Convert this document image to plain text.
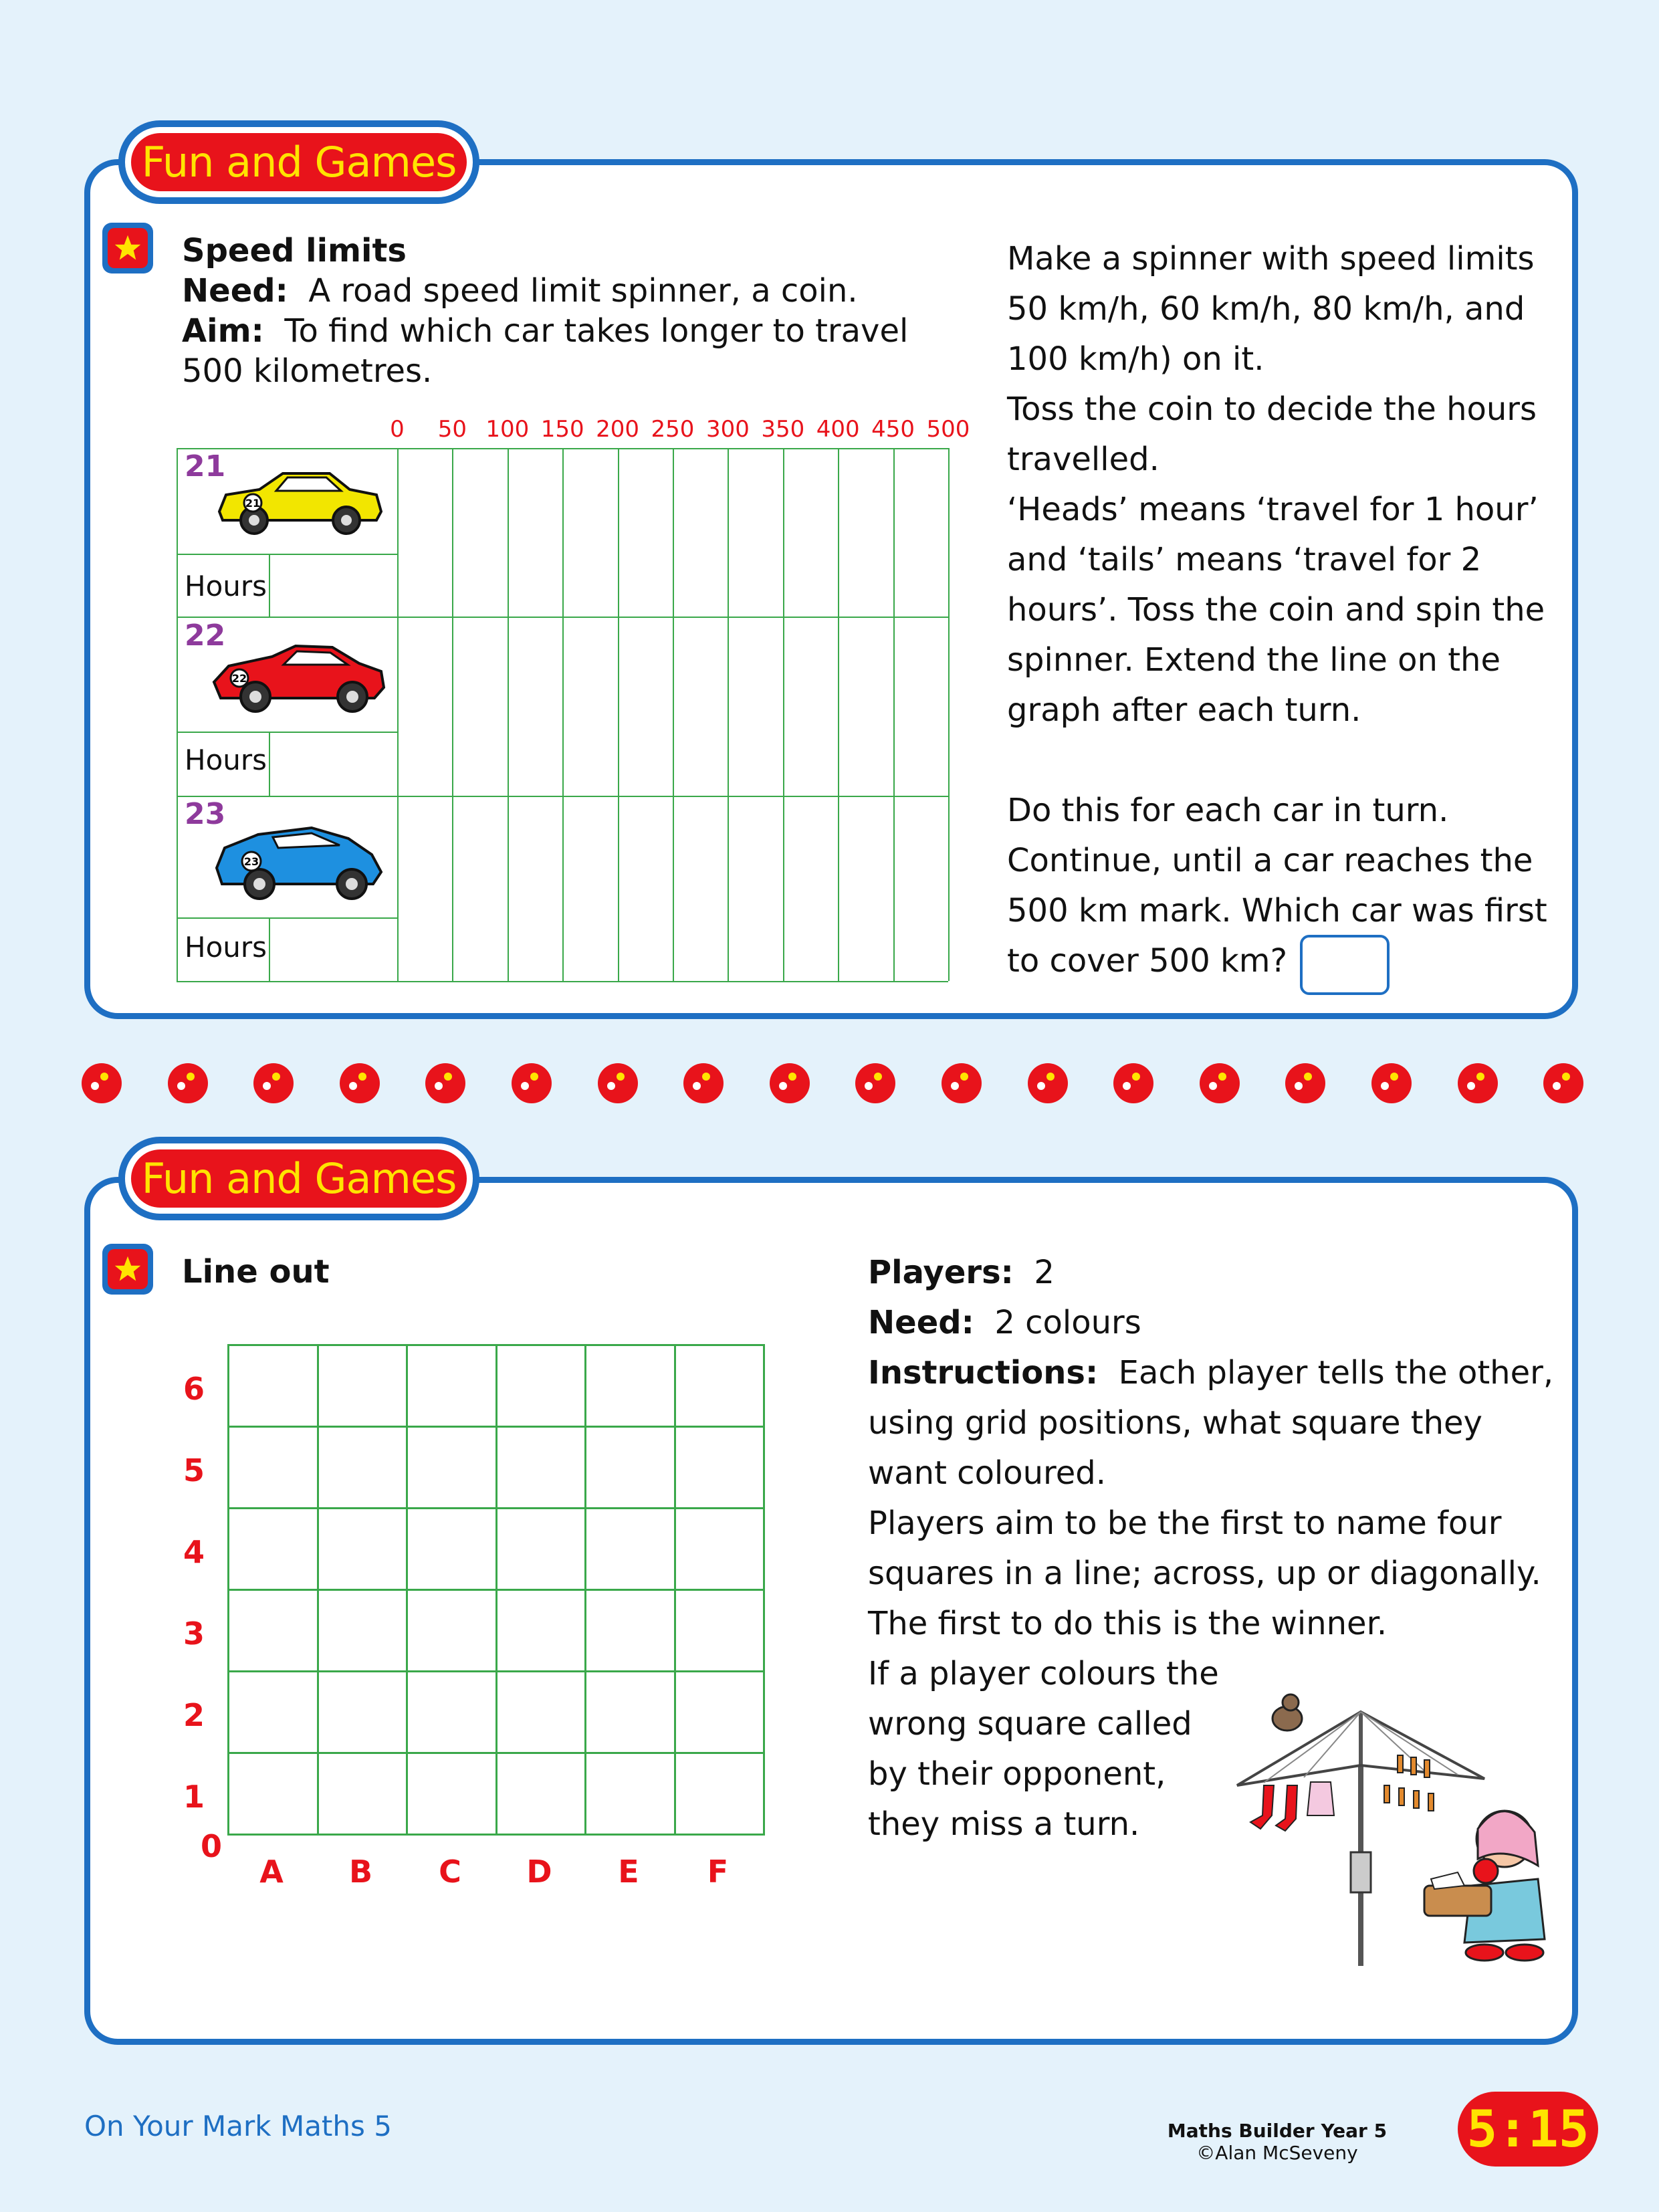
Fun and Games
Speed limits
Need: A road speed limit spinner, a coin.
Aim: To find which car takes longer to travel
500 kilometres.
0 50 100 150 200 250 300 350 400 450 500
21
Hours
22
Hours
23
Hours
21
22
23
Make a spinner with speed limits
50 km/h, 60 km/h, 80 km/h, and
100 km/h) on it.
Toss the coin to decide the hours
travelled.
‘Heads’ means ‘travel for 1 hour’
and ‘tails’ means ‘travel for 2
hours’. Toss the coin and spin the
spinner. Extend the line on the
graph after each turn.
Do this for each car in turn.
Continue, until a car reaches the
500 km mark. Which car was first
to cover 500 km?
Fun and Games
Line out
6
5
4
3
2
1
0
A B C D E F
Players: 2
Need: 2 colours
Instructions: Each player tells the other,
using grid positions, what square they
want coloured.
Players aim to be the first to name four
squares in a line; across, up or diagonally.
The first to do this is the winner.
If a player colours the
wrong square called
by their opponent,
they miss a turn.
On Your Mark Maths 5	Maths Builder Year 5
©Alan McSeveny	5:15
